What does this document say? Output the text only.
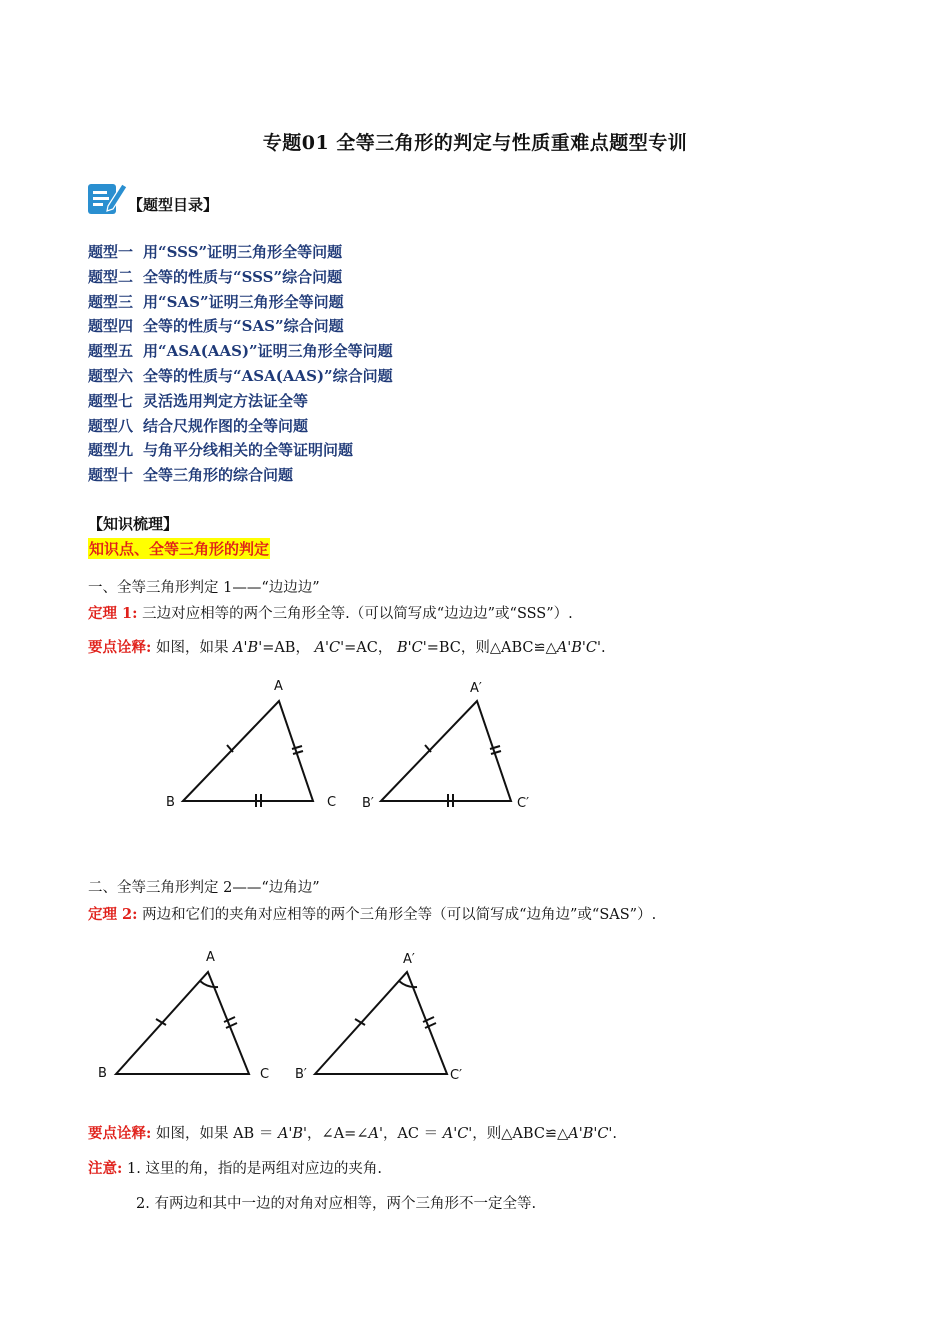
专题01 全等三角形的判定与性质重难点题型专训
【题型目录】
题型一 用“SSS”证明三角形全等问题
题型二 全等的性质与“SSS”综合问题
题型三 用“SAS”证明三角形全等问题
题型四 全等的性质与“SAS”综合问题
题型五 用“ASA(AAS)”证明三角形全等问题
题型六 全等的性质与“ASA(AAS)”综合问题
题型七 灵活选用判定方法证全等
题型八 结合尺规作图的全等问题
题型九 与角平分线相关的全等证明问题
题型十 全等三角形的综合问题
【知识梳理】
知识点、全等三角形的判定
一、全等三角形判定 1——“边边边”
定理 1: 三边对应相等的两个三角形全等.（可以简写成“边边边”或“SSS”）.
要点诠释: 如图，如果 A'B'=AB， A'C'=AC， B'C'=BC，则△ABC≌△A'B'C'.
A
B	C
A′
B′	C′
二、全等三角形判定 2——“边角边”
定理 2: 两边和它们的夹角对应相等的两个三角形全等（可以简写成“边角边”或“SAS”）.
A
B	C
A′
B′	C′
要点诠释: 如图，如果 AB ＝ A'B'，∠A=∠A'，AC ＝ A'C'，则△ABC≌△A'B'C'.
注意: 1. 这里的角，指的是两组对应边的夹角.
2. 有两边和其中一边的对角对应相等，两个三角形不一定全等.
